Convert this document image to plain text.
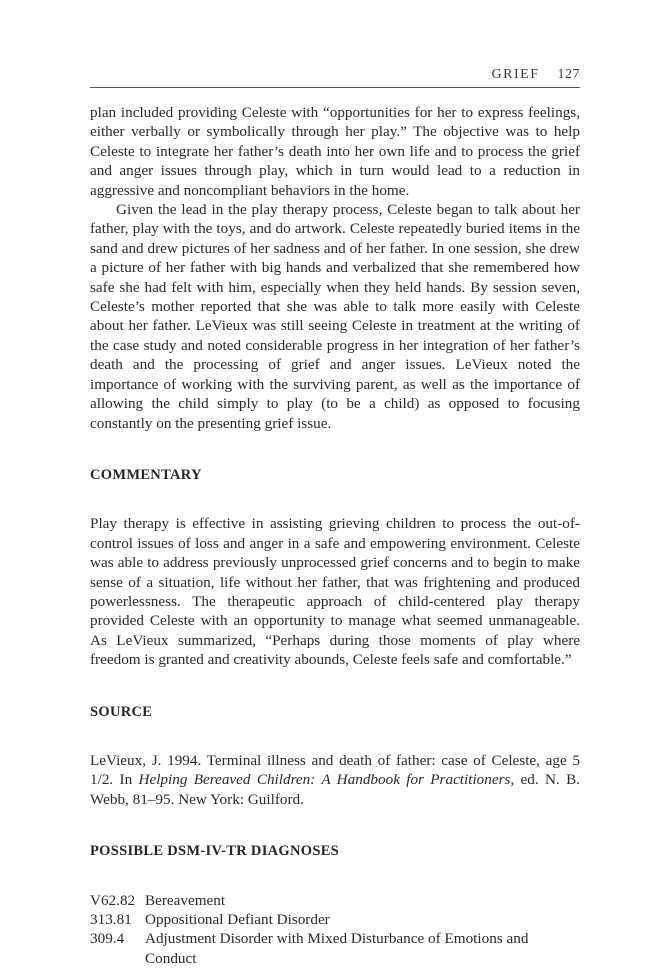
GRIEF 127

plan included providing Celeste with “opportunities for her to express feelings, either verbally or symbolically through her play.” The objective was to help Celeste to integrate her father’s death into her own life and to process the grief and anger issues through play, which in turn would lead to a reduction in aggressive and noncompliant behaviors in the home.

Given the lead in the play therapy process, Celeste began to talk about her father, play with the toys, and do artwork. Celeste repeatedly buried items in the sand and drew pictures of her sadness and of her father. In one session, she drew a picture of her father with big hands and verbalized that she remembered how safe she had felt with him, especially when they held hands. By session seven, Celeste’s mother reported that she was able to talk more easily with Celeste about her father. LeVieux was still seeing Celeste in treatment at the writing of the case study and noted considerable progress in her integration of her father’s death and the processing of grief and anger issues. LeVieux noted the importance of working with the surviving parent, as well as the importance of allowing the child simply to play (to be a child) as opposed to focusing constantly on the presenting grief issue.

COMMENTARY

Play therapy is effective in assisting grieving children to process the out-of-control issues of loss and anger in a safe and empowering environment. Celeste was able to address previously unprocessed grief concerns and to begin to make sense of a situation, life without her father, that was frightening and produced powerlessness. The therapeutic approach of child-centered play therapy provided Celeste with an opportunity to manage what seemed unmanageable. As LeVieux summarized, “Perhaps during those moments of play where freedom is granted and creativity abounds, Celeste feels safe and comfortable.”

SOURCE

LeVieux, J. 1994. Terminal illness and death of father: case of Celeste, age 5 1/2. In Helping Bereaved Children: A Handbook for Practitioners, ed. N. B. Webb, 81–95. New York: Guilford.

POSSIBLE DSM-IV-TR DIAGNOSES
V62.82 Bereavement
313.81 Oppositional Defiant Disorder
309.4	Adjustment Disorder with Mixed Disturbance of Emotions and Conduct
